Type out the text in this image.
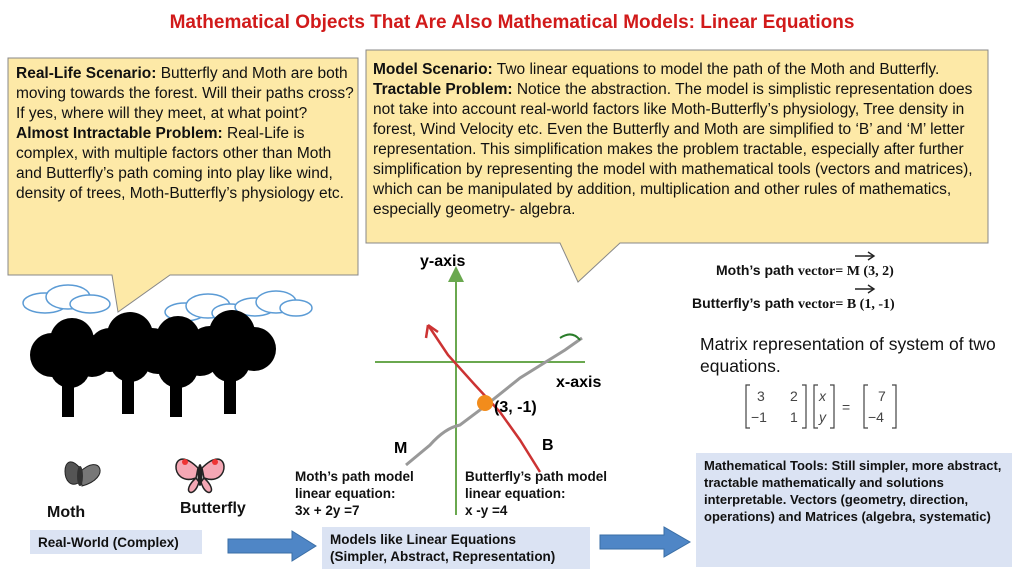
Mathematical Objects That Are Also Mathematical Models: Linear Equations
Real-Life Scenario: Butterfly and Moth are both moving towards the forest. Will their paths cross? If yes, where will they meet, at what point?
Almost Intractable Problem: Real-Life is complex, with multiple factors other than Moth and Butterfly’s path coming into play like wind, density of trees, Moth-Butterfly’s physiology etc.
Model Scenario: Two linear equations to model the path of the Moth and Butterfly. Tractable Problem: Notice the abstraction. The model is simplistic representation does not take into account real-world factors like Moth-Butterfly’s physiology, Tree density in forest, Wind Velocity etc. Even the Butterfly and Moth are simplified to ‘B’ and ‘M’ letter representation. This simplification makes the problem tractable, especially after further simplification by representing the model with mathematical tools (vectors and matrices), which can be manipulated by addition, multiplication and other rules of mathematics, especially geometry- algebra.
Moth	Butterfly
y-axis
x-axis
(3, -1)
M	B
Moth’s path model
linear equation:
3x + 2y =7
Butterfly’s path model
linear equation:
x -y =4
Moth’s path vector= M (3, 2)
Butterfly’s path vector= B (1, -1)
Matrix representation of system of two equations.
3 2
−1 1
x
y
=
7
−4
Real-World (Complex)	Models like Linear Equations
(Simpler, Abstract, Representation)
Mathematical Tools: Still simpler, more abstract, tractable mathematically and solutions interpretable. Vectors (geometry, direction, operations) and Matrices (algebra, systematic)
